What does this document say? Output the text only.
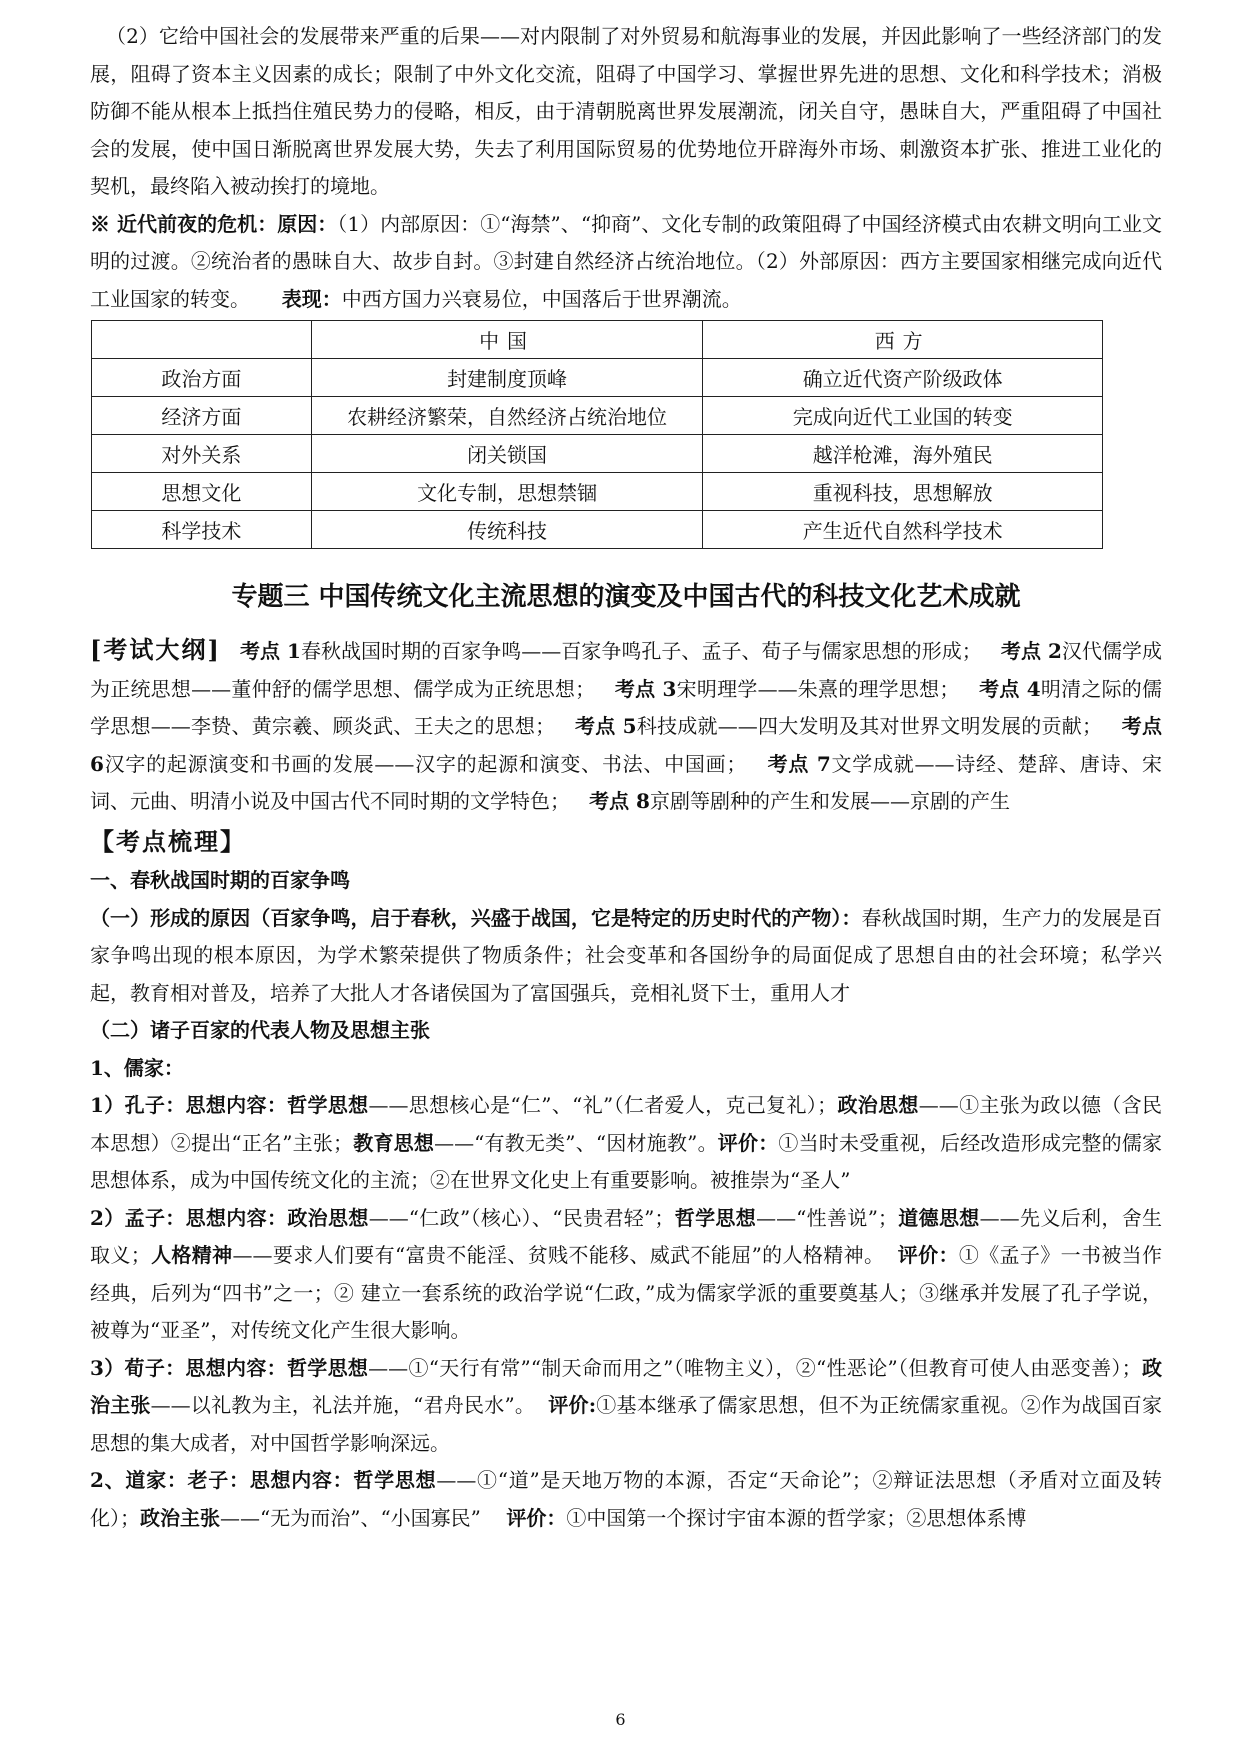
（2）它给中国社会的发展带来严重的后果——对内限制了对外贸易和航海事业的发展，并因此影响了一些经济部门的发展，阻碍了资本主义因素的成长；限制了中外文化交流，阻碍了中国学习、掌握世界先进的思想、文化和科学技术；消极防御不能从根本上抵挡住殖民势力的侵略，相反，由于清朝脱离世界发展潮流，闭关自守，愚昧自大，严重阻碍了中国社会的发展，使中国日渐脱离世界发展大势，失去了利用国际贸易的优势地位开辟海外市场、刺激资本扩张、推进工业化的契机，最终陷入被动挨打的境地。

※ 近代前夜的危机：原因：（1）内部原因：①“海禁”、“抑商”、文化专制的政策阻碍了中国经济模式由农耕文明向工业文明的过渡。②统治者的愚昧自大、故步自封。③封建自然经济占统治地位。（2）外部原因：西方主要国家相继完成向近代工业国家的转变。 表现：中西方国力兴衰易位，中国落后于世界潮流。

	中国	西方
政治方面	封建制度顶峰	确立近代资产阶级政体
经济方面	农耕经济繁荣，自然经济占统治地位	完成向近代工业国的转变
对外关系	闭关锁国	越洋枪滩，海外殖民
思想文化	文化专制，思想禁锢	重视科技，思想解放
科学技术	传统科技	产生近代自然科学技术
专题三 中国传统文化主流思想的演变及中国古代的科技文化艺术成就

[考试大纲] 考点 1春秋战国时期的百家争鸣——百家争鸣孔子、孟子、荀子与儒家思想的形成； 考点 2汉代儒学成为正统思想——董仲舒的儒学思想、儒学成为正统思想； 考点 3宋明理学——朱熹的理学思想； 考点 4明清之际的儒学思想——李贽、黄宗羲、顾炎武、王夫之的思想； 考点 5科技成就——四大发明及其对世界文明发展的贡献； 考点 6汉字的起源演变和书画的发展——汉字的起源和演变、书法、中国画； 考点 7文学成就——诗经、楚辞、唐诗、宋词、元曲、明清小说及中国古代不同时期的文学特色； 考点 8京剧等剧种的产生和发展——京剧的产生

【考点梳理】

一、春秋战国时期的百家争鸣

（一）形成的原因（百家争鸣，启于春秋，兴盛于战国，它是特定的历史时代的产物）：春秋战国时期，生产力的发展是百家争鸣出现的根本原因，为学术繁荣提供了物质条件；社会变革和各国纷争的局面促成了思想自由的社会环境；私学兴起，教育相对普及，培养了大批人才各诸侯国为了富国强兵，竞相礼贤下士，重用人才

（二）诸子百家的代表人物及思想主张

1、儒家：

1）孔子：思想内容：哲学思想——思想核心是“仁”、“礼”（仁者爱人，克己复礼）；政治思想——①主张为政以德（含民本思想）②提出“正名”主张；教育思想——“有教无类”、“因材施教”。评价：①当时未受重视，后经改造形成完整的儒家思想体系，成为中国传统文化的主流；②在世界文化史上有重要影响。被推崇为“圣人”

2）孟子：思想内容：政治思想——“仁政”（核心）、“民贵君轻”；哲学思想——“性善说”；道德思想——先义后利，舍生取义；人格精神——要求人们要有“富贵不能淫、贫贱不能移、威武不能屈”的人格精神。 评价：①《孟子》一书被当作经典，后列为“四书”之一；② 建立一套系统的政治学说“仁政，”成为儒家学派的重要奠基人；③继承并发展了孔子学说，被尊为“亚圣”，对传统文化产生很大影响。

3）荀子：思想内容：哲学思想——①“天行有常”“制天命而用之”（唯物主义），②“性恶论”（但教育可使人由恶变善）；政治主张——以礼教为主，礼法并施，“君舟民水”。 评价:①基本继承了儒家思想，但不为正统儒家重视。②作为战国百家思想的集大成者，对中国哲学影响深远。

2、道家：老子：思想内容：哲学思想——①“道”是天地万物的本源，否定“天命论”；②辩证法思想（矛盾对立面及转化）；政治主张——“无为而治”、“小国寡民” 评价：①中国第一个探讨宇宙本源的哲学家；②思想体系博

6
